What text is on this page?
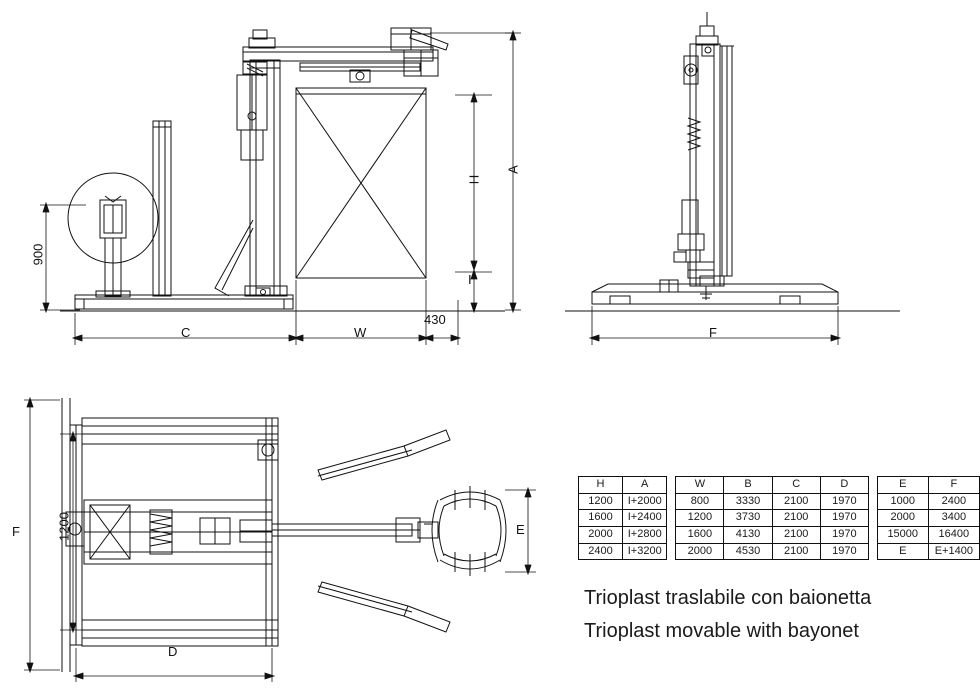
900
I
H
A
C	W
430
F
F	1200
D
E
H	A
1200	I+2000
1600	I+2400
2000	I+2800
2400	I+3200
W	B	C	D
800	3330	2100	1970
1200	3730	2100	1970
1600	4130	2100	1970
2000	4530	2100	1970
E	F
1000	2400
2000	3400
15000	16400
E	E+1400
Trioplast traslabile con baionetta
Trioplast movable with bayonet
